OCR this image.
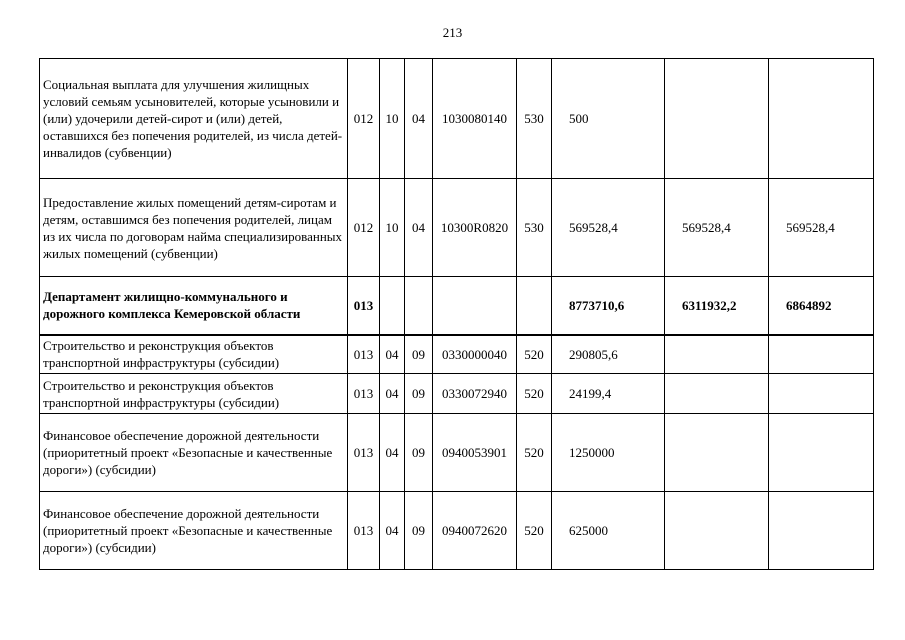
213
Социальная выплата для улучшения жилищных условий семьям усыновителей, которые усыновили и (или) удочерили детей-сирот и (или) детей, оставшихся без попечения родителей, из числа детей-инвалидов (субвенции)	012	10	04	1030080140	530	500		
Предоставление жилых помещений детям-сиротам и детям, оставшимся без попечения родителей, лицам из их числа по договорам найма специализированных жилых помещений (субвенции)	012	10	04	10300R0820	530	569528,4	569528,4	569528,4
Департамент жилищно-коммунального и дорожного комплекса Кемеровской области	013					8773710,6	6311932,2	6864892
Строительство и реконструкция объектов транспортной инфраструктуры (субсидии)	013	04	09	0330000040	520	290805,6		
Строительство и реконструкция объектов транспортной инфраструктуры (субсидии)	013	04	09	0330072940	520	24199,4		
Финансовое обеспечение дорожной деятельности (приоритетный проект «Безопасные и качественные дороги») (субсидии)	013	04	09	0940053901	520	1250000		
Финансовое обеспечение дорожной деятельности (приоритетный проект «Безопасные и качественные дороги») (субсидии)	013	04	09	0940072620	520	625000		
